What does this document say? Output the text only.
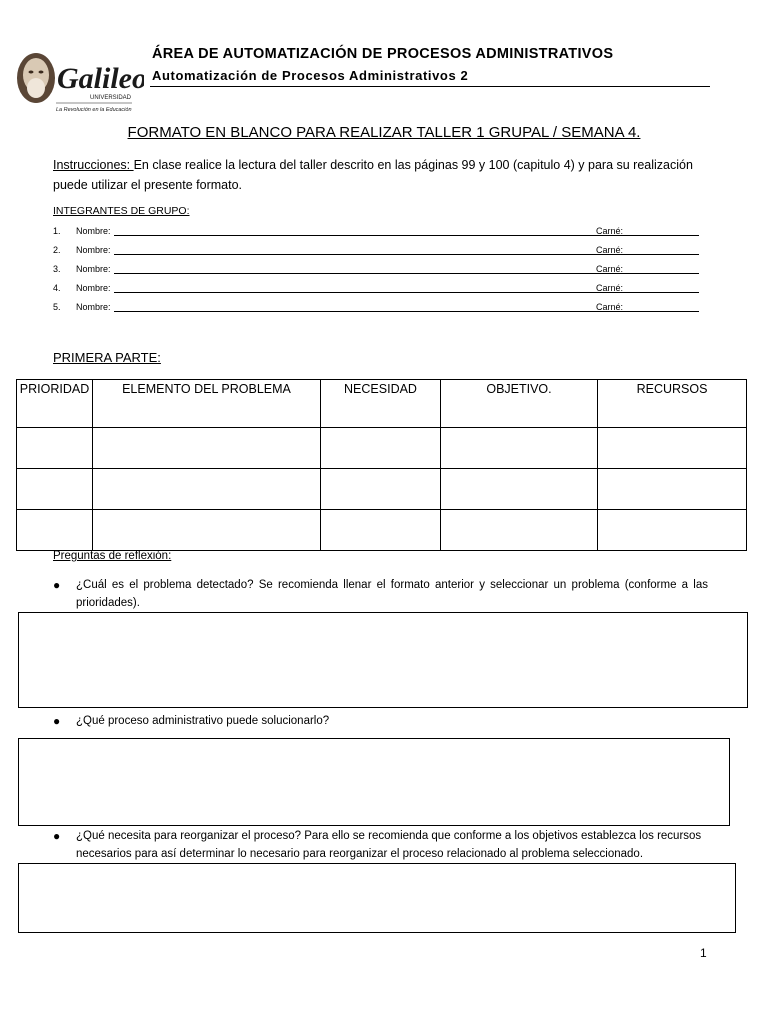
Galileo
UNIVERSIDAD
La Revolución en la Educación
ÁREA DE AUTOMATIZACIÓN DE PROCESOS ADMINISTRATIVOS
Automatización de Procesos Administrativos 2
FORMATO EN BLANCO PARA REALIZAR TALLER 1 GRUPAL / SEMANA 4.
Instrucciones: En clase realice la lectura del taller descrito en las páginas 99 y 100 (capitulo 4) y para su realización puede utilizar el presente formato.
INTEGRANTES DE GRUPO:
1. Nombre:	Carné:
2. Nombre:	Carné:
3. Nombre:	Carné:
4. Nombre:	Carné:
5. Nombre:	Carné:
PRIMERA PARTE:
PRIORIDAD	ELEMENTO DEL PROBLEMA	NECESIDAD	OBJETIVO.	RECURSOS

Preguntas de reflexión:
● ¿Cuál es el problema detectado? Se recomienda llenar el formato anterior y seleccionar un problema (conforme a las prioridades).
● ¿Qué proceso administrativo puede solucionarlo?
● ¿Qué necesita para reorganizar el proceso? Para ello se recomienda que conforme a los objetivos establezca los recursos necesarios para así determinar lo necesario para reorganizar el proceso relacionado al problema seleccionado.
1
